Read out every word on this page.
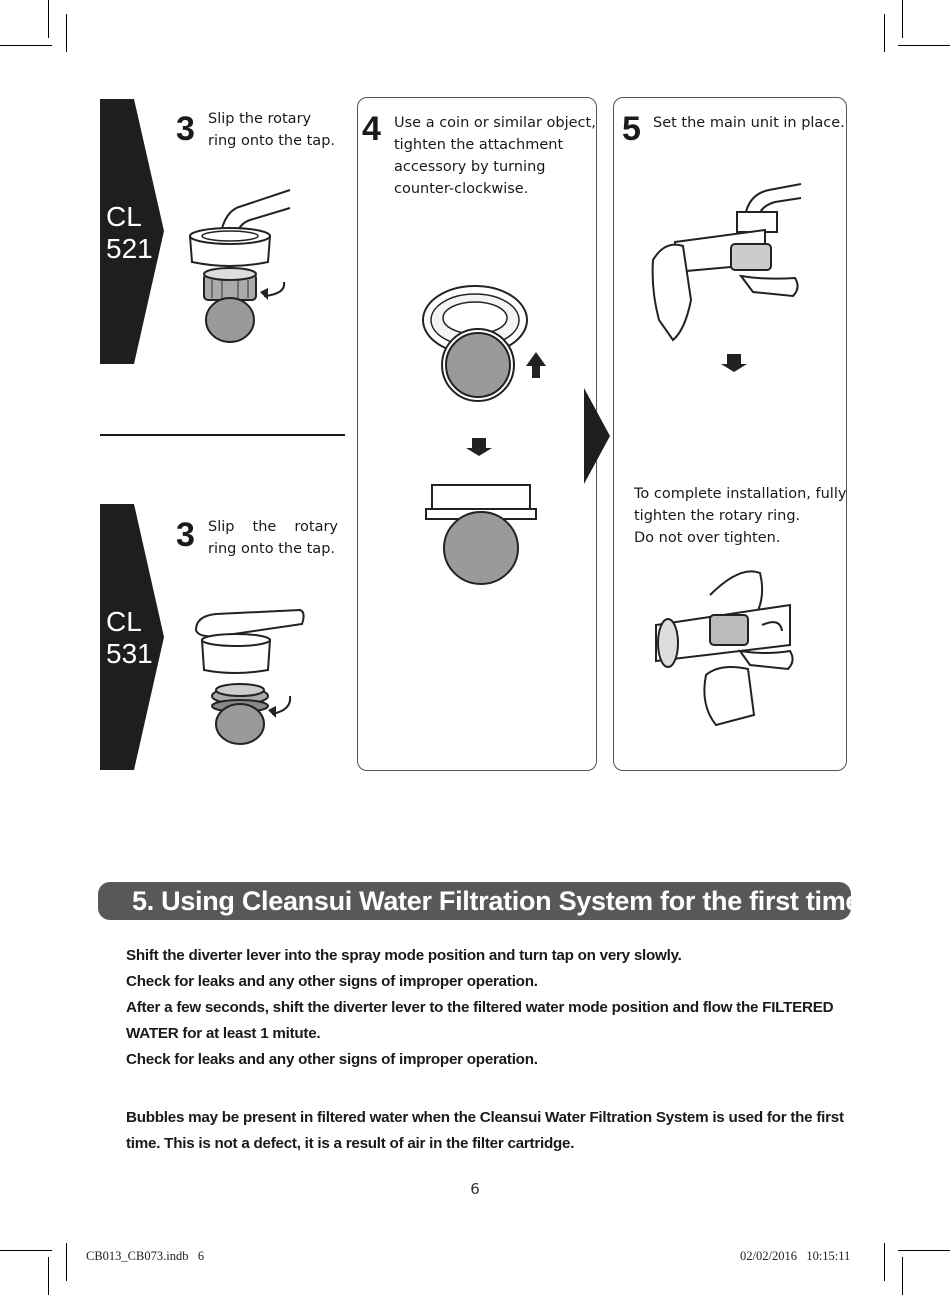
CL
521
CL
531
3 Slip the rotary
ring onto the tap.
3 Slip the rotary
ring onto the tap.
4 Use a coin or similar object,
tighten the attachment
accessory by turning
counter-clockwise.
5 Set the main unit in place.
To complete installation, fully
tighten the rotary ring.
Do not over tighten.
5. Using Cleansui Water Filtration System for the first time
Shift the diverter lever into the spray mode position and turn tap on very slowly.
Check for leaks and any other signs of improper operation.
After a few seconds, shift the diverter lever to the filtered water mode position and flow the FILTERED
WATER for at least 1 mitute.
Check for leaks and any other signs of improper operation.
Bubbles may be present in filtered water when the Cleansui Water Filtration System is used for the first
time. This is not a defect, it is a result of air in the filter cartridge.
6
CB013_CB073.indb   6	02/02/2016   10:15:11
